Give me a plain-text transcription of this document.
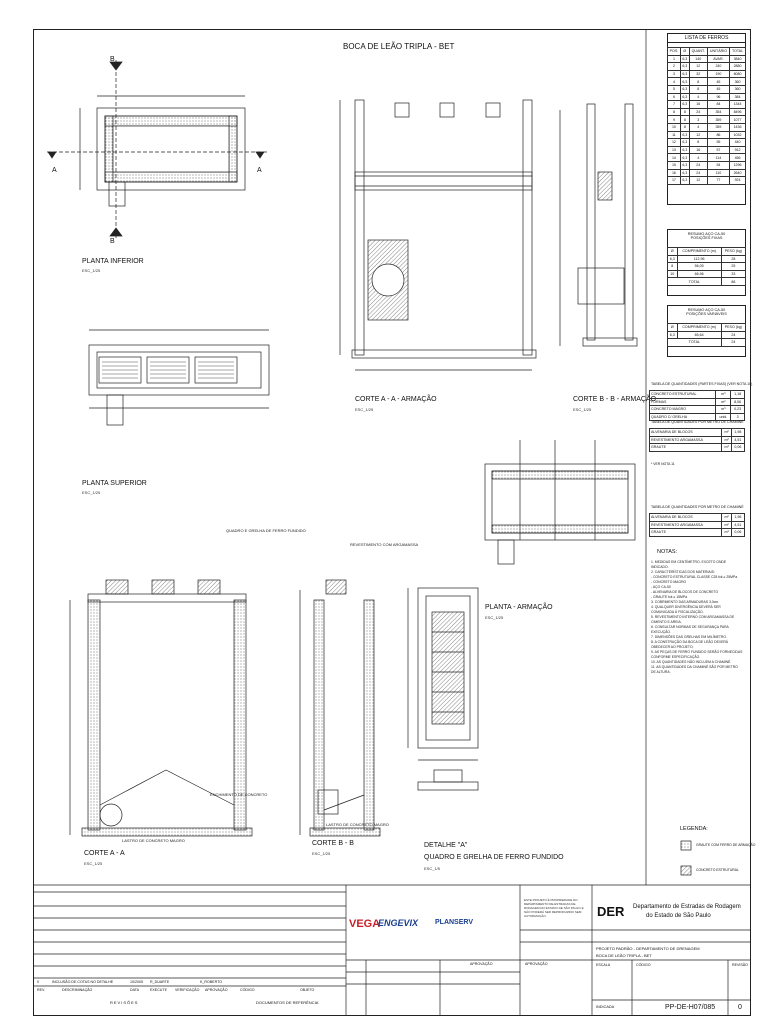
BOCA DE LEÃO TRIPLA - BET
B
B
A	A
PLANTA INFERIOR
ESC_1/25
PLANTA SUPERIOR
ESC_1/25
CORTE A - A
ESC_1/25
CORTE B - B
ESC_1/25
CORTE A - A - ARMAÇÃO
ESC_1/25
CORTE B - B - ARMAÇÃO
ESC_1/25
PLANTA - ARMAÇÃO
ESC_1/25
DETALHE "A"
QUADRO E GRELHA DE FERRO FUNDIDO
ESC_1/5
QUADRO E GRELHA DE FERRO FUNDIDO
REVESTIMENTO COM ARGAMASSA
LASTRO DE CONCRETO MAGRO
LASTRO DE CONCRETO MAGRO
ENCHIMENTO DE CONCRETO
LISTA DE FERROS
POS.	Ø	QUANT.	UNITÁRIO	TOTAL
1	6,3	140	AVAR.	3840
2	6,3	12	240	2880
3	6,3	32	190	6080
4	6,3	8	45	360
5	6,3	8	45	360
6	6,3	4	96	384
7	6,3	16	84	1344
8	8	24	354	8496
9	8	3	359	1077
10	8	4	359	1436
11	6,3	12	86	1032
12	6,3	8	55	440
13	6,3	16	57	912
14	6,3	4	114	456
15	6,3	24	54	1296
16	6,3	24	110	2640
17	6,3	12	77	924
RESUMO AÇO CA-50
POSIÇÕES FIXAS
Ø	COMPRIMENTO (m)	PESO (kg)
6,3	112,96	28
8	56,05	25
10	66,96	33
TOTAL		86
RESUMO AÇO CA-50
POSIÇÕES VARIÁVEIS
Ø	COMPRIMENTO (m)	PESO (kg)
6,3	65,64	24
TOTAL		24
TABELA DE QUANTIDADES (PARTES FIXAS) (VER NOTA 10)
CONCRETO ESTRUTURAL	m³	1,18
FORMAS	m²	8,06
CONCRETO MAGRO	m³	0,23
QUADRO C/ GRELHA	unid.	3
TABELA DE QUANTIDADES POR METRO DE CHAMINÉ
ALVENARIA DE BLOCOS	m²	1,98
REVESTIMENTO ARGAMASSA	m²	4,51
GRAUTE	m³	0,06
* VER NOTA 11
TABELA DE QUANTIDADES POR METRO DE CHAMINÉ
ALVENARIA DE BLOCOS	m²	1,98
REVESTIMENTO ARGAMASSA	m²	4,51
GRAUTE	m³	0,06
NOTAS:
1. MEDIDAS EM CENTÍMETRO, EXCETO ONDE INDICADO.
2. CARACTERÍSTICAS DOS MATERIAIS:
- CONCRETO ESTRUTURAL CLASSE C25 fck ≥ 25MPa
- CONCRETO MAGRO
- AÇO CA-50
- ALVENARIA DE BLOCOS DE CONCRETO
- GRAUTE fck ≥ 15MPa
3. COBRIMENTO DAS ARMADURAS 3,0cm.
4. QUALQUER DIVERGÊNCIA DEVERÁ SER COMUNICADA À FISCALIZAÇÃO.
5. REVESTIMENTO INTERNO COM ARGAMASSA DE CIMENTO E AREIA.
6. CONSULTAR NORMAS DE SEGURANÇA PARA EXECUÇÃO.
7. DIMENSÕES DAS GRELHAS EM MILÍMETRO.
8. A CONSTRUÇÃO DA BOCA DE LEÃO DEVERÁ OBEDECER AO PROJETO.
9. AS PEÇAS DE FERRO FUNDIDO SERÃO FORNECIDAS CONFORME ESPECIFICAÇÃO.
10. AS QUANTIDADES NÃO INCLUEM A CHAMINÉ.
11. AS QUANTIDADES DA CHAMINÉ SÃO POR METRO DE ALTURA.
LEGENDA:
GRAUTE COM FERRO DE ARMAÇÃO
CONCRETO ESTRUTURAL
VEGA
ENGEVIX PLANSERV
ESTE PROJETO É PROPRIEDADE DO DEPARTAMENTO DE ESTRADAS DE RODAGEM DO ESTADO DE SÃO PAULO E NÃO PODERÁ SER REPRODUZIDO SEM AUTORIZAÇÃO.	DER Departamento de Estradas de Rodagem
do Estado de São Paulo
PROJETO PADRÃO - DEPARTAMENTO DE DRENAGEM
BOCA DE LEÃO TRIPLA - BET
ESCALA
INDICADA
CÓDIGO
PP-DE-H07/085
REVISÃO
0
0	INCLUSÃO DE COTAS NO DETALHE	10/2005 R_DUARTE	K_ROBERTO
REV.	DESCRIMINAÇÃO	DATA	EXECUTE VERIFICAÇÃO APROVAÇÃO	CÓDIGO	OBJETO
REVISÕES	DOCUMENTOS DE REFERÊNCIA
APROVAÇÃO	APROVAÇÃO
